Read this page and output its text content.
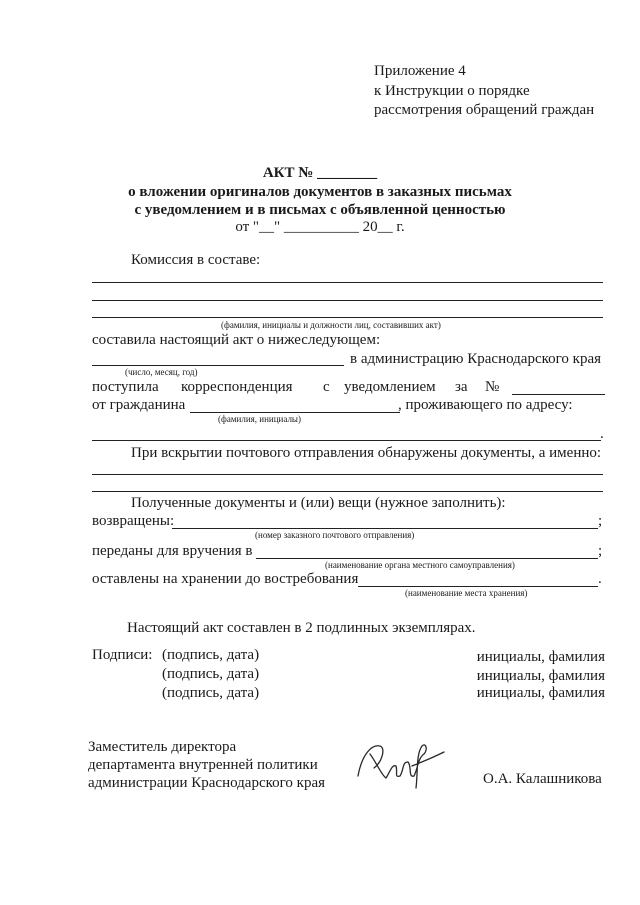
Приложение 4
к Инструкции о порядке
рассмотрения обращений граждан
АКТ № ________
о вложении оригиналов документов в заказных письмах
с уведомлением и в письмах с объявленной ценностью
от "__" __________ 20__ г.
Комиссия в составе:
(фамилия, инициалы и должности лиц, составивших акт)
составила настоящий акт о нижеследующем:
в администрацию Краснодарского края
(число, месяц, год)
поступила корреспонденция с уведомлением за №
от гражданина	, проживающего по адресу:
(фамилия, инициалы)
.
При вскрытии почтового отправления обнаружены документы, а именно:
Полученные документы и (или) вещи (нужное заполнить):
возвращены:	;
(номер заказного почтового отправления)
переданы для вручения в	;
(наименование органа местного самоуправления)
оставлены на хранении до востребования	.
(наименование места хранения)
Настоящий акт составлен в 2 подлинных экземплярах.
Подписи: (подпись, дата)	инициалы, фамилия
(подпись, дата)	инициалы, фамилия
(подпись, дата)	инициалы, фамилия
Заместитель директора
департамента внутренней политики
администрации Краснодарского края	О.А. Калашникова
